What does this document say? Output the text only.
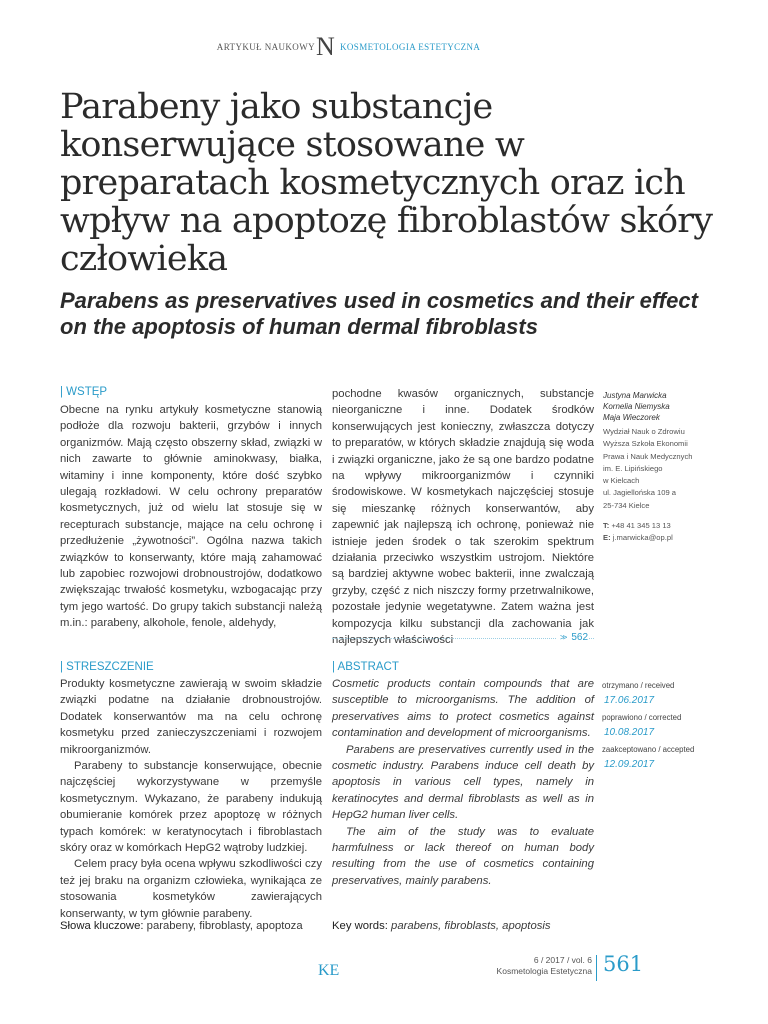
ARTYKUŁ NAUKOWY N KOSMETOLOGIA ESTETYCZNA
Parabeny jako substancje konserwujące stosowane w preparatach kosmetycznych oraz ich wpływ na apoptozę fibroblastów skóry człowieka
Parabens as preservatives used in cosmetics and their effect on the apoptosis of human dermal fibroblasts
| WSTĘP

Obecne na rynku artykuły kosmetyczne stanowią podłoże dla rozwoju bakterii, grzybów i innych organizmów. Mają często obszerny skład, związki w nich zawarte to głównie aminokwasy, białka, witaminy i inne komponenty, które dość szybko ulegają rozkładowi. W celu ochrony preparatów kosmetycznych, już od wielu lat stosuje się w recepturach substancje, mające na celu ochronę i przedłużenie „żywotności”. Ogólna nazwa takich związków to konserwanty, które mają zahamować lub zapobiec rozwojowi drobnoustrojów, dodatkowo zwiększając trwałość kosmetyku, wzbogacając przy tym jego wartość. Do grupy takich substancji należą m.in.: parabeny, alkohole, fenole, aldehydy,

pochodne kwasów organicznych, substancje nieorganiczne i inne. Dodatek środków konserwujących jest konieczny, zwłaszcza dotyczy to preparatów, w których składzie znajdują się woda i związki organiczne, jako że są one bardzo podatne na wpływy mikroorganizmów i czynniki środowiskowe. W kosmetykach najczęściej stosuje się mieszankę różnych konserwantów, aby zapewnić jak najlepszą ich ochronę, ponieważ nie istnieje jeden środek o tak szerokim spektrum działania przeciwko wszystkim ustrojom. Niektóre są bardziej aktywne wobec bakterii, inne zwalczają grzyby, część z nich niszczy formy przetrwalnikowe, pozostałe jedynie wegetatywne. Zatem ważna jest kompozycja kilku substancji dla zachowania jak najlepszych właściwości

Justyna Marwicka
Kornelia Niemyska
Maja Wieczorek
Wydział Nauk o Zdrowiu
Wyższa Szkoła Ekonomii
Prawa i Nauk Medycznych
im. E. Lipińskiego
w Kielcach
ul. Jagiellońska 109 a
25-734 Kielce
T: +48 41 345 13 13
E: j.marwicka@op.pl
>> 562
| STRESZCZENIE

Produkty kosmetyczne zawierają w swoim składzie związki podatne na działanie drobnoustrojów. Dodatek konserwantów ma na celu ochronę kosmetyku przed zanieczyszczeniami i rozwojem mikroorganizmów.

Parabeny to substancje konserwujące, obecnie najczęściej wykorzystywane w przemyśle kosmetycznym. Wykazano, że parabeny indukują obumieranie komórek przez apoptozę w różnych typach komórek: w keratynocytach i fibroblastach skóry oraz w komórkach HepG2 wątroby ludzkiej.

Celem pracy była ocena wpływu szkodliwości czy też jej braku na organizm człowieka, wynikająca ze stosowania kosmetyków zawierających konserwanty, w tym głównie parabeny.

| ABSTRACT

Cosmetic products contain compounds that are susceptible to microorganisms. The addition of preservatives aims to protect cosmetics against contamination and development of microorganisms.

Parabens are preservatives currently used in the cosmetic industry. Parabens induce cell death by apoptosis in various cell types, namely in keratinocytes and dermal fibroblasts as well as in HepG2 human liver cells.

The aim of the study was to evaluate harmfulness or lack thereof on human body resulting from the use of cosmetics containing preservatives, mainly parabens.

otrzymano / received
17.06.2017
poprawiono / corrected
10.08.2017
zaakceptowano / accepted
12.09.2017
Słowa kluczowe: parabeny, fibroblasty, apoptoza	Key words: parabens, fibroblasts, apoptosis
KE
6 / 2017 / vol. 6
Kosmetologia Estetyczna 561
